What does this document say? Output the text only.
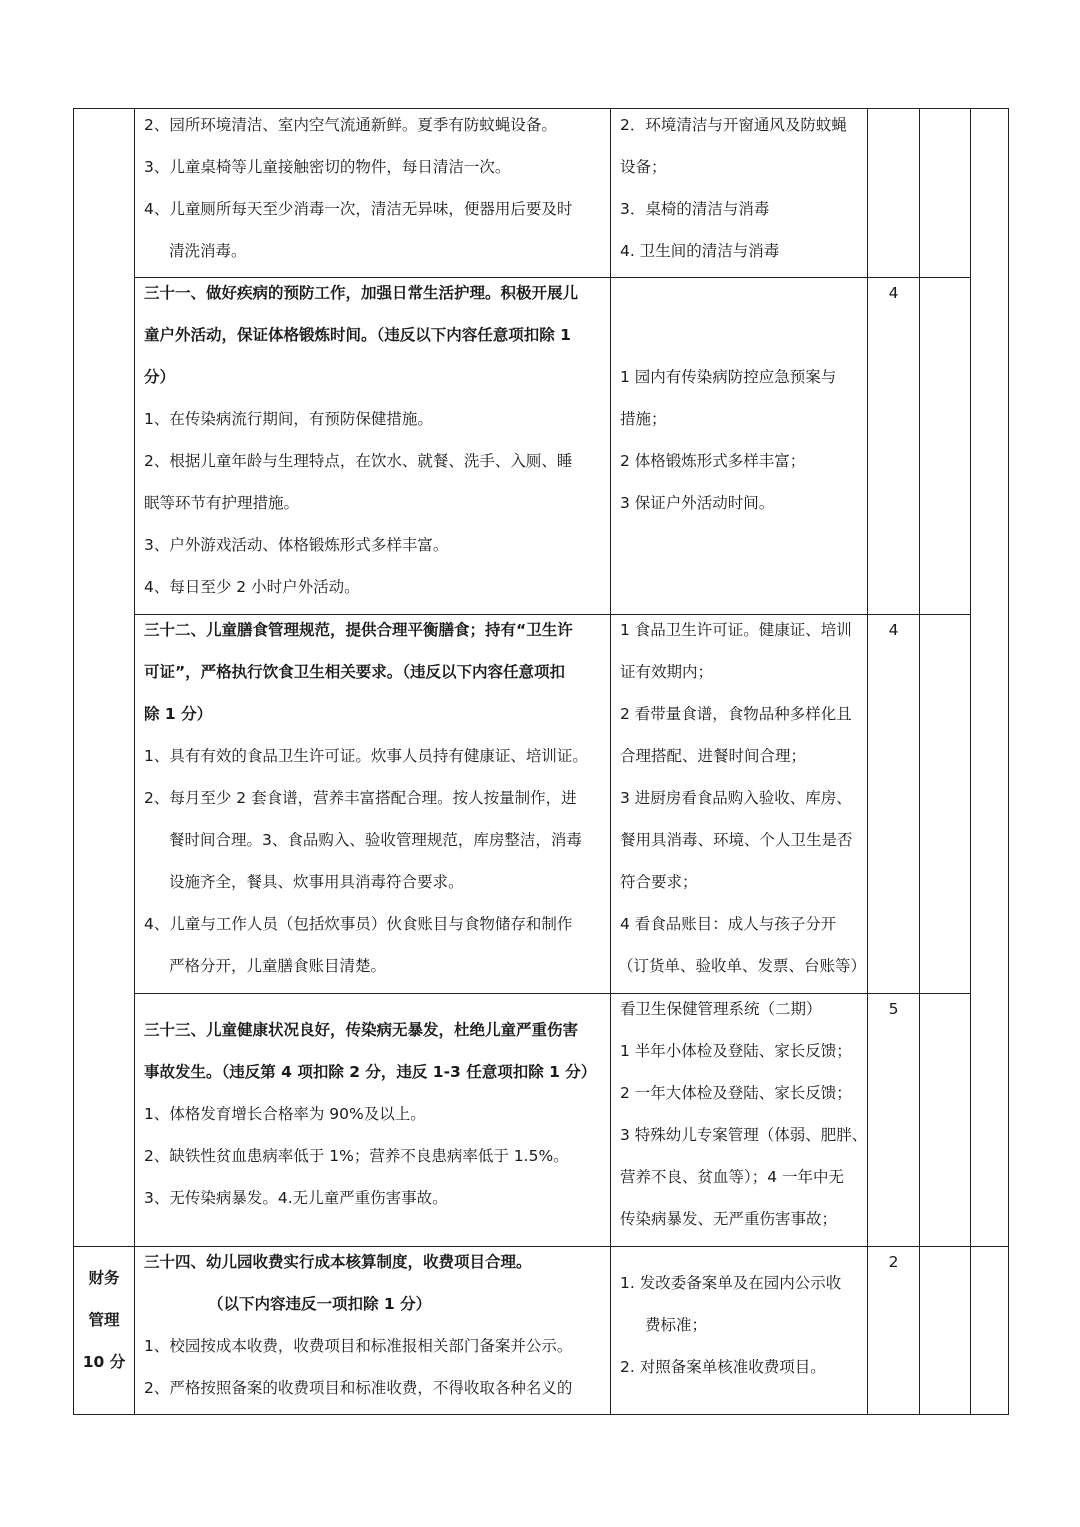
2、园所环境清洁、室内空气流通新鲜。夏季有防蚊蝇设备。
3、儿童桌椅等儿童接触密切的物件，每日清洁一次。
4、儿童厕所每天至少消毒一次，清洁无异味，便器用后要及时
清洗消毒。
2．环境清洁与开窗通风及防蚊蝇
设备；
3．桌椅的清洁与消毒
4. 卫生间的清洁与消毒
三十一、做好疾病的预防工作，加强日常生活护理。积极开展儿
童户外活动，保证体格锻炼时间。（违反以下内容任意项扣除 1
分）
1、在传染病流行期间，有预防保健措施。
2、根据儿童年龄与生理特点，在饮水、就餐、洗手、入厕、睡
眠等环节有护理措施。
3、户外游戏活动、体格锻炼形式多样丰富。
4、每日至少 2 小时户外活动。
1 园内有传染病防控应急预案与
措施；
2 体格锻炼形式多样丰富；
3 保证户外活动时间。
4
三十二、儿童膳食管理规范，提供合理平衡膳食；持有“卫生许
可证”，严格执行饮食卫生相关要求。（违反以下内容任意项扣
除 1 分）
1、具有有效的食品卫生许可证。炊事人员持有健康证、培训证。
2、每月至少 2 套食谱，营养丰富搭配合理。按人按量制作，进
餐时间合理。3、食品购入、验收管理规范，库房整洁，消毒
设施齐全，餐具、炊事用具消毒符合要求。
4、儿童与工作人员（包括炊事员）伙食账目与食物储存和制作
严格分开，儿童膳食账目清楚。
1 食品卫生许可证。健康证、培训
证有效期内；
2 看带量食谱，食物品种多样化且
合理搭配、进餐时间合理；
3 进厨房看食品购入验收、库房、
餐用具消毒、环境、个人卫生是否
符合要求；
4 看食品账目：成人与孩子分开
（订货单、验收单、发票、台账等）
4
三十三、儿童健康状况良好，传染病无暴发，杜绝儿童严重伤害
事故发生。（违反第 4 项扣除 2 分，违反 1-3 任意项扣除 1 分）
1、体格发育增长合格率为 90%及以上。
2、缺铁性贫血患病率低于 1%；营养不良患病率低于 1.5%。
3、无传染病暴发。4.无儿童严重伤害事故。
看卫生保健管理系统（二期）
1 半年小体检及登陆、家长反馈；
2 一年大体检及登陆、家长反馈；
3 特殊幼儿专案管理（体弱、肥胖、
营养不良、贫血等）；4 一年中无
传染病暴发、无严重伤害事故；
5
财务
管理
10 分
三十四、幼儿园收费实行成本核算制度，收费项目合理。
（以下内容违反一项扣除 1 分）
1、校园按成本收费，收费项目和标准报相关部门备案并公示。
2、严格按照备案的收费项目和标准收费，不得收取各种名义的
1. 发改委备案单及在园内公示收
费标准；
2. 对照备案单核准收费项目。
2
